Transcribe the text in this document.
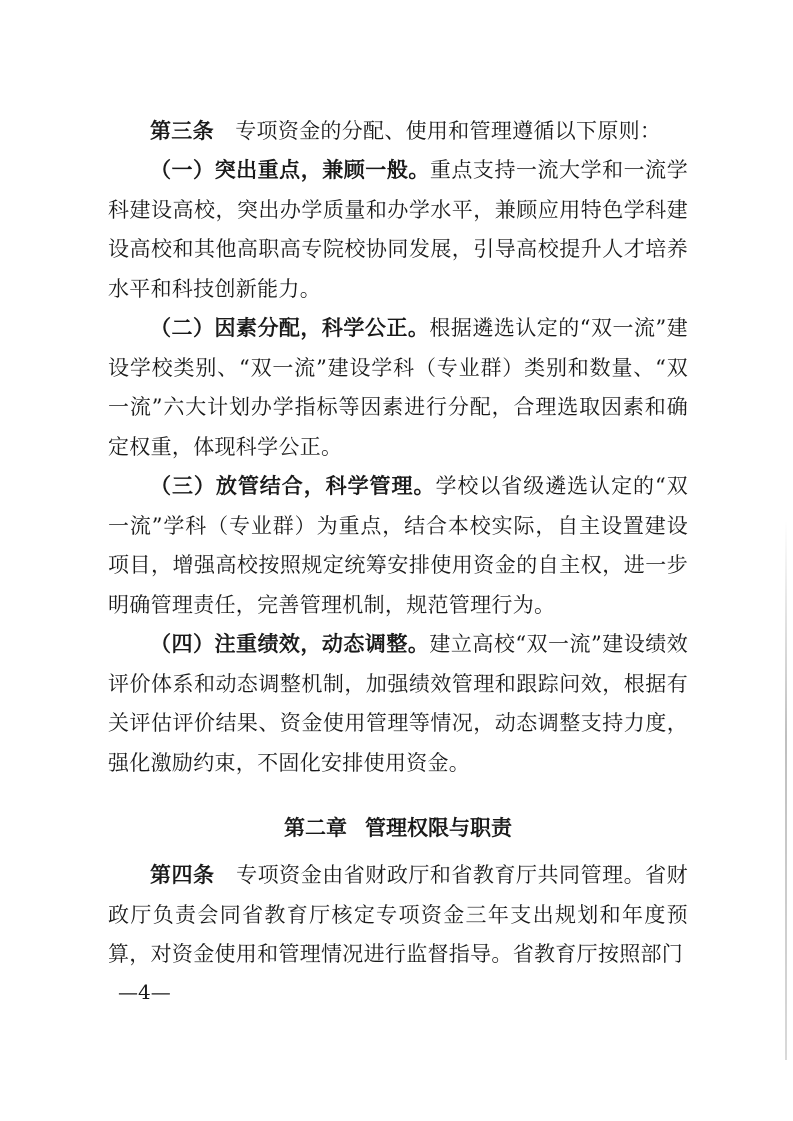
第三条　 专项资金的分配、使用和管理遵循以下原则：

（一）突出重点，兼顾一般。重点支持一流大学和一流学科建设高校，突出办学质量和办学水平，兼顾应用特色学科建设高校和其他高职高专院校协同发展，引导高校提升人才培养水平和科技创新能力。

（二）因素分配，科学公正。根据遴选认定的“双一流”建设学校类别、“双一流”建设学科（专业群）类别和数量、“双一流”六大计划办学指标等因素进行分配，合理选取因素和确定权重，体现科学公正。

（三）放管结合，科学管理。学校以省级遴选认定的“双一流”学科（专业群）为重点，结合本校实际，自主设置建设项目，增强高校按照规定统筹安排使用资金的自主权，进一步明确管理责任，完善管理机制，规范管理行为。

（四）注重绩效，动态调整。建立高校“双一流”建设绩效评价体系和动态调整机制，加强绩效管理和跟踪问效，根据有关评估评价结果、资金使用管理等情况，动态调整支持力度，强化激励约束，不固化安排使用资金。

第二章 管理权限与职责

第四条　 专项资金由省财政厅和省教育厅共同管理。省财政厅负责会同省教育厅核定专项资金三年支出规划和年度预算，对资金使用和管理情况进行监督指导。省教育厅按照部门

—4—
